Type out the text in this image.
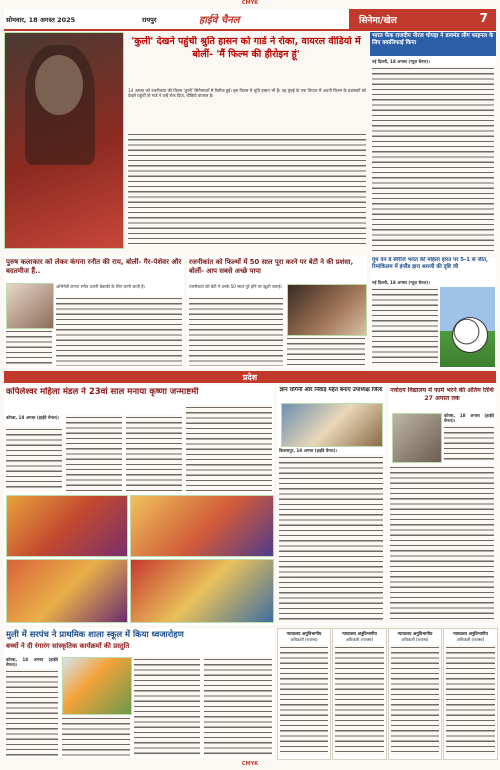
CMYK
सोमवार, 18 अगस्त 2025	रायपुर	हाईवे चैनल	सिनेमा/खेल	7
'कुली' देखने पहुंची श्रुति हासन को गार्ड ने रोका, वायरल वीडियो में बोलीं- 'मैं फिल्म की हीरोइन हूं'
14 अगस्त को रजनीकांत की फिल्म 'कुली' सिनेमाघरों में रिलीज हुई। इस फिल्म में श्रुति हासन भी हैं। वह मुंबई के एक थिएटर में अपनी फिल्म के प्रशंसकों को देखने पहुंचीं तो गार्ड ने उन्हें रोक दिया, वीडियो वायरल है।
भारत फेंक राजदीप नीरज चोपड़ा ने डायमंड लीग फाइनल के लिए क्वालिफाई किया
नई दिल्ली, 18 अगस्त (न्यूज़ चैनल)।
यूथ वन डे सीरीज भारत की महिला हारत पर 5-1 से जीत, रिमांकिलम में इंग्लैंड हारा श्रमजी की दृष्टि जी
नई दिल्ली, 18 अगस्त (न्यूज़ चैनल)।
पुरुष कलाकार को लेकर कंगना रनौत की राय, बोलीं- गैर-पेशेवर और बदतमीज हैं..
अभिनेत्री कंगना रनौत अपनी बेबाकी के लिए जानी जाती हैं।
रजनीकांत को फिल्मों में 50 साल पूरा करने पर बेटी ने की प्रशंसा, बोलीं- आप सबसे अच्छे पापा
रजनीकांत की बेटी ने उनके 50 साल पूरे होने पर खुशी जताई।
प्रदेश
कपिलेश्वर महिला मंडल ने 23वां साल मनाया कृष्णा जन्माष्टमी
कोरबा, 18 अगस्त (हाईवे चैनल)।
ज्ञान रागिनी और निवाड़ महंत बनाए उपाध्यक्ष जिला
बिलासपुर, 18 अगस्त (हाईवे चैनल)।
नवोदय विद्यालय में फार्म भरने की अंतिम तिथि 27 अगस्त तक
कोरबा, 18 अगस्त (हाईवे चैनल)।
मुली में सरपंच ने प्राथमिक शाला स्कूल में किया ध्वजारोहण
बच्चों ने दी रंगारंग सांस्कृतिक कार्यक्रमों की प्रस्तुति
कोरबा, 18 अगस्त (हाईवे चैनल)।
न्यायालय अनुविभागीय
अधिकारी (राजस्व)
न्यायालय अनुविभागीय
अधिकारी (राजस्व)
न्यायालय अनुविभागीय
अधिकारी (राजस्व)
न्यायालय अनुविभागीय
अधिकारी (राजस्व)
CMYK
